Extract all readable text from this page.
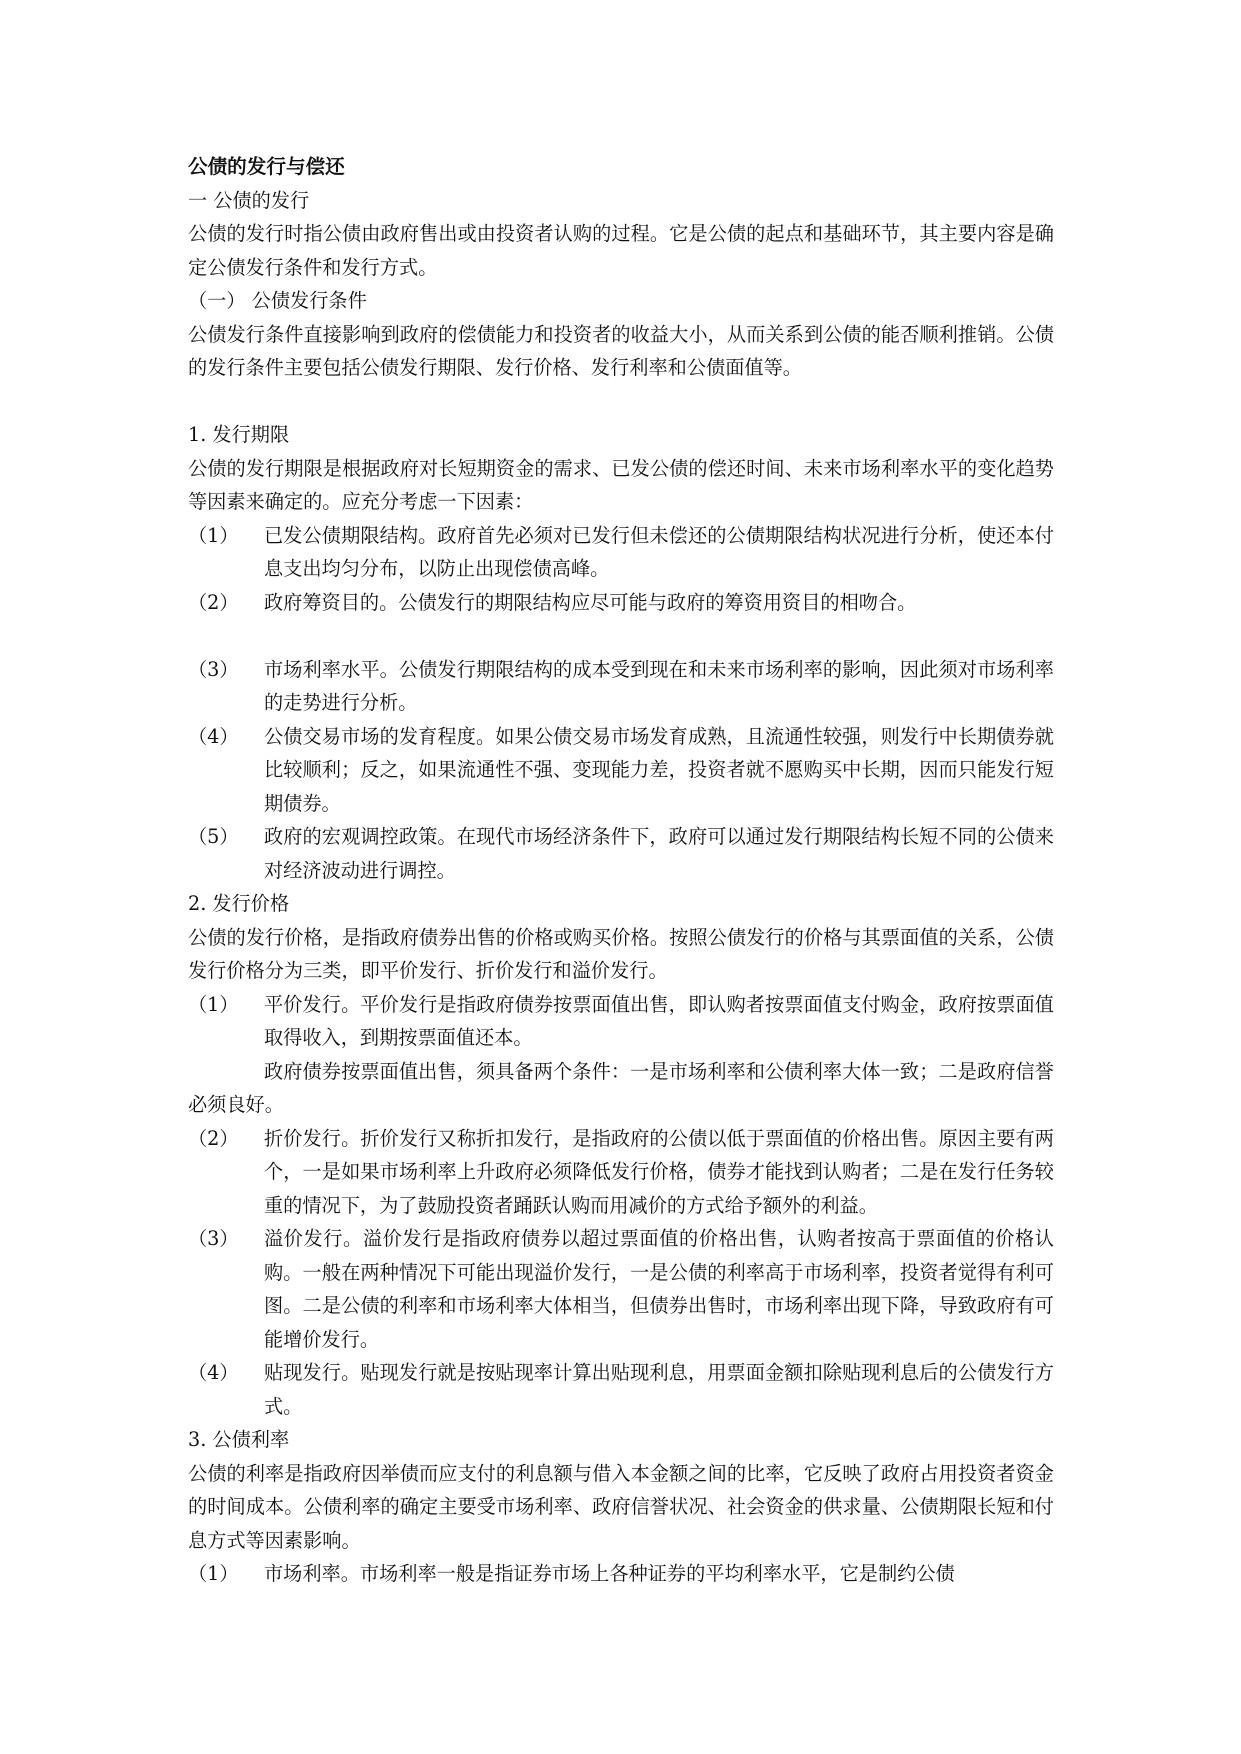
公债的发行与偿还
一 公债的发行
公债的发行时指公债由政府售出或由投资者认购的过程。它是公债的起点和基础环节，其主要内容是确定公债发行条件和发行方式。
（一） 公债发行条件
公债发行条件直接影响到政府的偿债能力和投资者的收益大小，从而关系到公债的能否顺利推销。公债的发行条件主要包括公债发行期限、发行价格、发行利率和公债面值等。
1. 发行期限
公债的发行期限是根据政府对长短期资金的需求、已发公债的偿还时间、未来市场利率水平的变化趋势等因素来确定的。应充分考虑一下因素：
（1） 已发公债期限结构。政府首先必须对已发行但未偿还的公债期限结构状况进行分析，使还本付息支出均匀分布，以防止出现偿债高峰。
（2） 政府筹资目的。公债发行的期限结构应尽可能与政府的筹资用资目的相吻合。
（3） 市场利率水平。公债发行期限结构的成本受到现在和未来市场利率的影响，因此须对市场利率的走势进行分析。
（4） 公债交易市场的发育程度。如果公债交易市场发育成熟，且流通性较强，则发行中长期债券就比较顺利；反之，如果流通性不强、变现能力差，投资者就不愿购买中长期，因而只能发行短期债券。
（5） 政府的宏观调控政策。在现代市场经济条件下，政府可以通过发行期限结构长短不同的公债来对经济波动进行调控。
2. 发行价格
公债的发行价格，是指政府债券出售的价格或购买价格。按照公债发行的价格与其票面值的关系，公债发行价格分为三类，即平价发行、折价发行和溢价发行。
（1） 平价发行。平价发行是指政府债券按票面值出售，即认购者按票面值支付购金，政府按票面值取得收入，到期按票面值还本。
政府债券按票面值出售，须具备两个条件：一是市场利率和公债利率大体一致；二是政府信誉必须良好。
（2） 折价发行。折价发行又称折扣发行，是指政府的公债以低于票面值的价格出售。原因主要有两个，一是如果市场利率上升政府必须降低发行价格，债券才能找到认购者；二是在发行任务较重的情况下，为了鼓励投资者踊跃认购而用减价的方式给予额外的利益。
（3） 溢价发行。溢价发行是指政府债券以超过票面值的价格出售，认购者按高于票面值的价格认购。一般在两种情况下可能出现溢价发行，一是公债的利率高于市场利率，投资者觉得有利可图。二是公债的利率和市场利率大体相当，但债券出售时，市场利率出现下降，导致政府有可能增价发行。
（4） 贴现发行。贴现发行就是按贴现率计算出贴现利息，用票面金额扣除贴现利息后的公债发行方式。
3. 公债利率
公债的利率是指政府因举债而应支付的利息额与借入本金额之间的比率，它反映了政府占用投资者资金的时间成本。公债利率的确定主要受市场利率、政府信誉状况、社会资金的供求量、公债期限长短和付息方式等因素影响。
（1） 市场利率。市场利率一般是指证券市场上各种证券的平均利率水平，它是制约公债
